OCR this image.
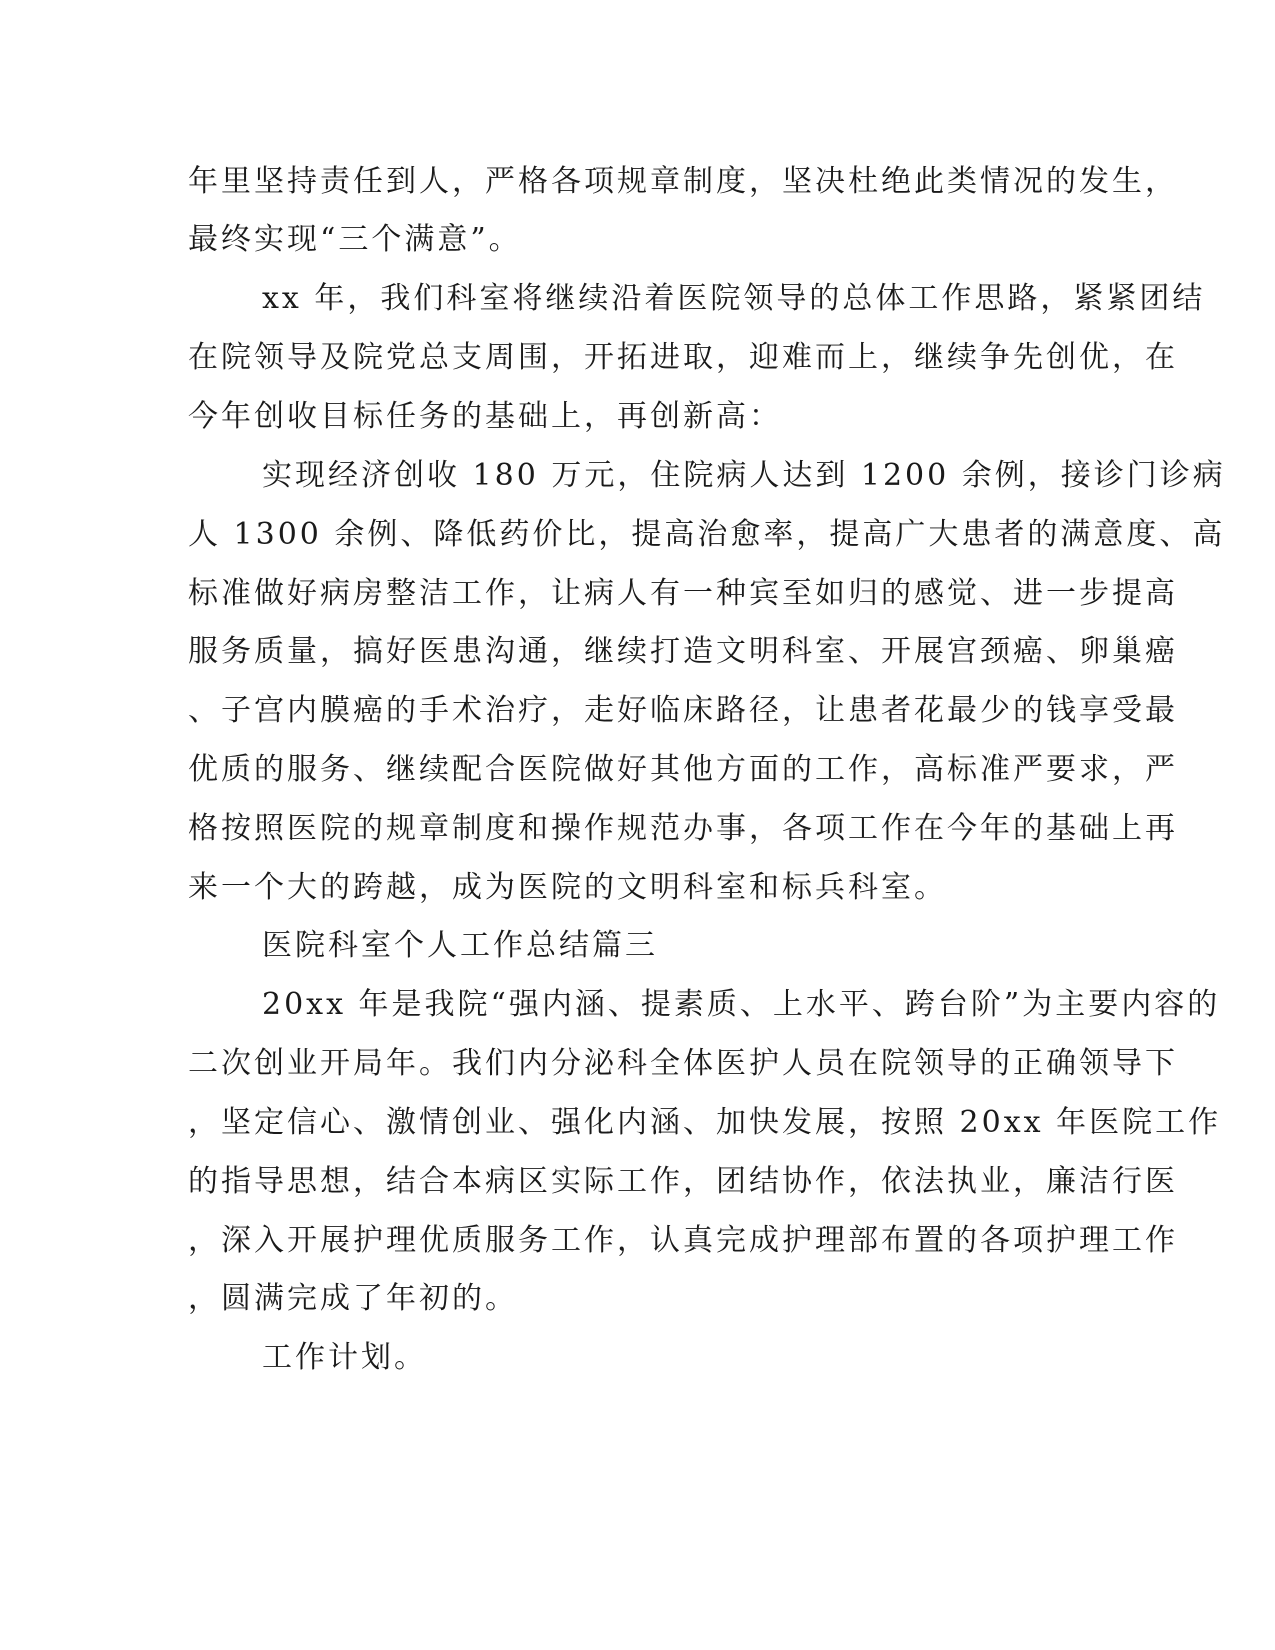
年里坚持责任到人，严格各项规章制度，坚决杜绝此类情况的发生，

最终实现“三个满意”。

xx 年，我们科室将继续沿着医院领导的总体工作思路，紧紧团结

在院领导及院党总支周围，开拓进取，迎难而上，继续争先创优，在

今年创收目标任务的基础上，再创新高：

实现经济创收 180 万元，住院病人达到 1200 余例，接诊门诊病

人 1300 余例、降低药价比，提高治愈率，提高广大患者的满意度、高

标准做好病房整洁工作，让病人有一种宾至如归的感觉、进一步提高

服务质量，搞好医患沟通，继续打造文明科室、开展宫颈癌、卵巢癌

、子宫内膜癌的手术治疗，走好临床路径，让患者花最少的钱享受最

优质的服务、继续配合医院做好其他方面的工作，高标准严要求，严

格按照医院的规章制度和操作规范办事，各项工作在今年的基础上再

来一个大的跨越，成为医院的文明科室和标兵科室。

医院科室个人工作总结篇三

20xx 年是我院“强内涵、提素质、上水平、跨台阶”为主要内容的

二次创业开局年。我们内分泌科全体医护人员在院领导的正确领导下

，坚定信心、激情创业、强化内涵、加快发展，按照 20xx 年医院工作

的指导思想，结合本病区实际工作，团结协作，依法执业，廉洁行医

，深入开展护理优质服务工作，认真完成护理部布置的各项护理工作

，圆满完成了年初的。

工作计划。
